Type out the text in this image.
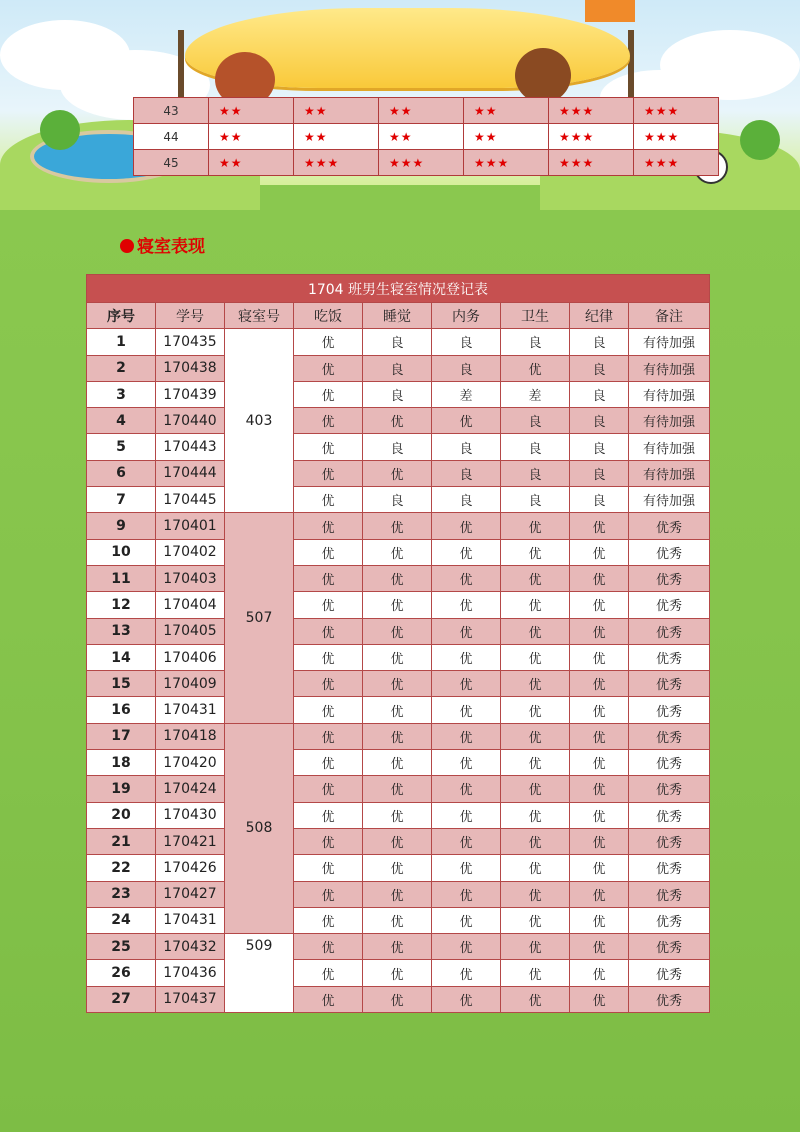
43	★★	★★	★★	★★	★★★	★★★
44	★★	★★	★★	★★	★★★	★★★
45	★★	★★★	★★★	★★★	★★★	★★★
寝室表现
1704 班男生寝室情况登记表								
序号	学号	寝室号	吃饭	睡觉	内务	卫生	纪律	备注
1	170435	403	优	良	良	良	良	有待加强
2	170438		优	良	良	优	良	有待加强
3	170439		优	良	差	差	良	有待加强
4	170440		优	优	优	良	良	有待加强
5	170443		优	良	良	良	良	有待加强
6	170444		优	优	良	良	良	有待加强
7	170445		优	良	良	良	良	有待加强
9	170401	507	优	优	优	优	优	优秀
10	170402		优	优	优	优	优	优秀
11	170403		优	优	优	优	优	优秀
12	170404		优	优	优	优	优	优秀
13	170405		优	优	优	优	优	优秀
14	170406		优	优	优	优	优	优秀
15	170409		优	优	优	优	优	优秀
16	170431		优	优	优	优	优	优秀
17	170418	508	优	优	优	优	优	优秀
18	170420		优	优	优	优	优	优秀
19	170424		优	优	优	优	优	优秀
20	170430		优	优	优	优	优	优秀
21	170421		优	优	优	优	优	优秀
22	170426		优	优	优	优	优	优秀
23	170427		优	优	优	优	优	优秀
24	170431		优	优	优	优	优	优秀
25	170432	509	优	优	优	优	优	优秀
26	170436		优	优	优	优	优	优秀
27	170437		优	优	优	优	优	优秀
